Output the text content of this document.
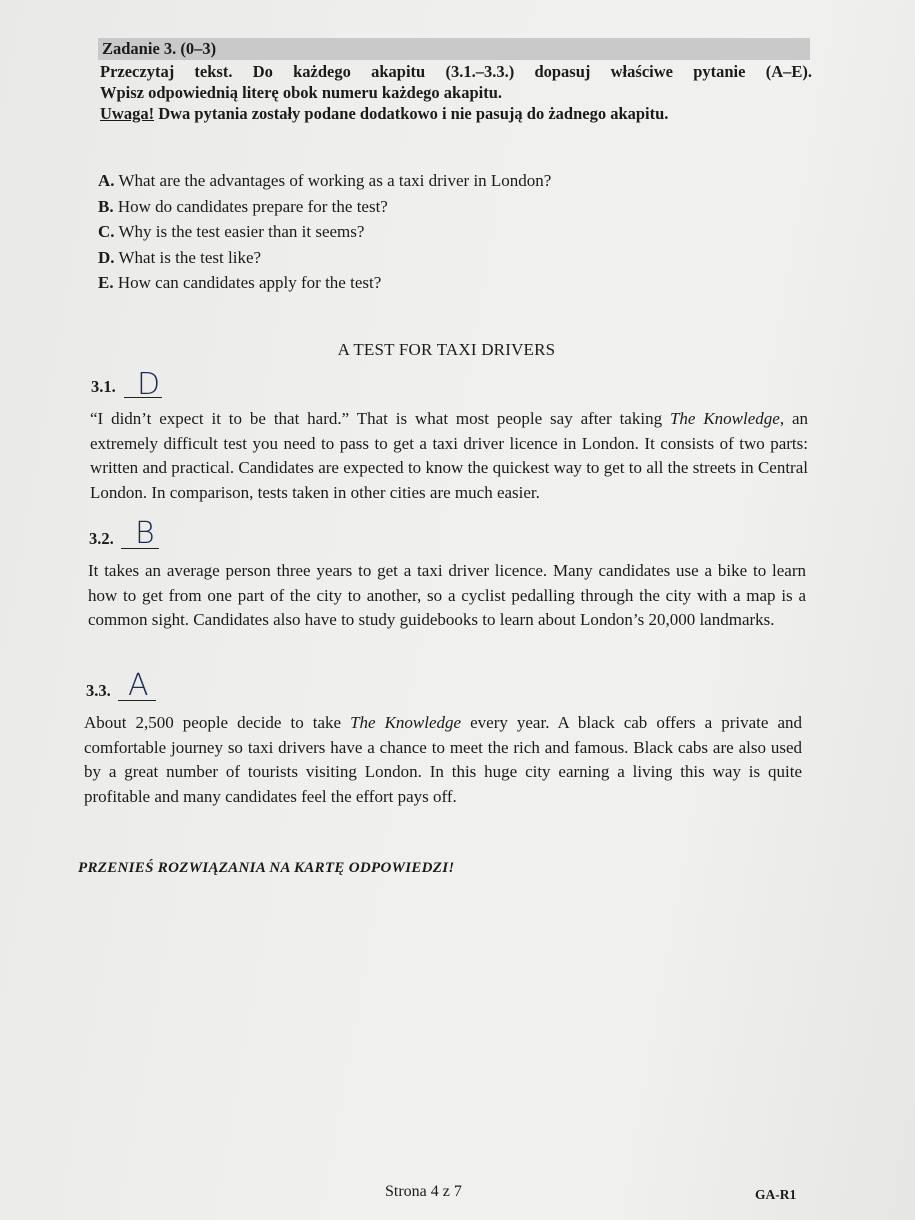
Zadanie 3. (0–3)
Przeczytaj tekst. Do każdego akapitu (3.1.–3.3.) dopasuj właściwe pytanie (A–E).
Wpisz odpowiednią literę obok numeru każdego akapitu.
Uwaga! Dwa pytania zostały podane dodatkowo i nie pasują do żadnego akapitu.
A. What are the advantages of working as a taxi driver in London?
B. How do candidates prepare for the test?
C. Why is the test easier than it seems?
D. What is the test like?
E. How can candidates apply for the test?
A TEST FOR TAXI DRIVERS
3.1. D
“I didn’t expect it to be that hard.” That is what most people say after taking The Knowledge, an extremely difficult test you need to pass to get a taxi driver licence in London. It consists of two parts: written and practical. Candidates are expected to know the quickest way to get to all the streets in Central London. In comparison, tests taken in other cities are much easier.
3.2. B
It takes an average person three years to get a taxi driver licence. Many candidates use a bike to learn how to get from one part of the city to another, so a cyclist pedalling through the city with a map is a common sight. Candidates also have to study guidebooks to learn about London’s 20,000 landmarks.
3.3. A
About 2,500 people decide to take The Knowledge every year. A black cab offers a private and comfortable journey so taxi drivers have a chance to meet the rich and famous. Black cabs are also used by a great number of tourists visiting London. In this huge city earning a living this way is quite profitable and many candidates feel the effort pays off.
PRZENIEŚ ROZWIĄZANIA NA KARTĘ ODPOWIEDZI!
Strona 4 z 7	GA-R1
